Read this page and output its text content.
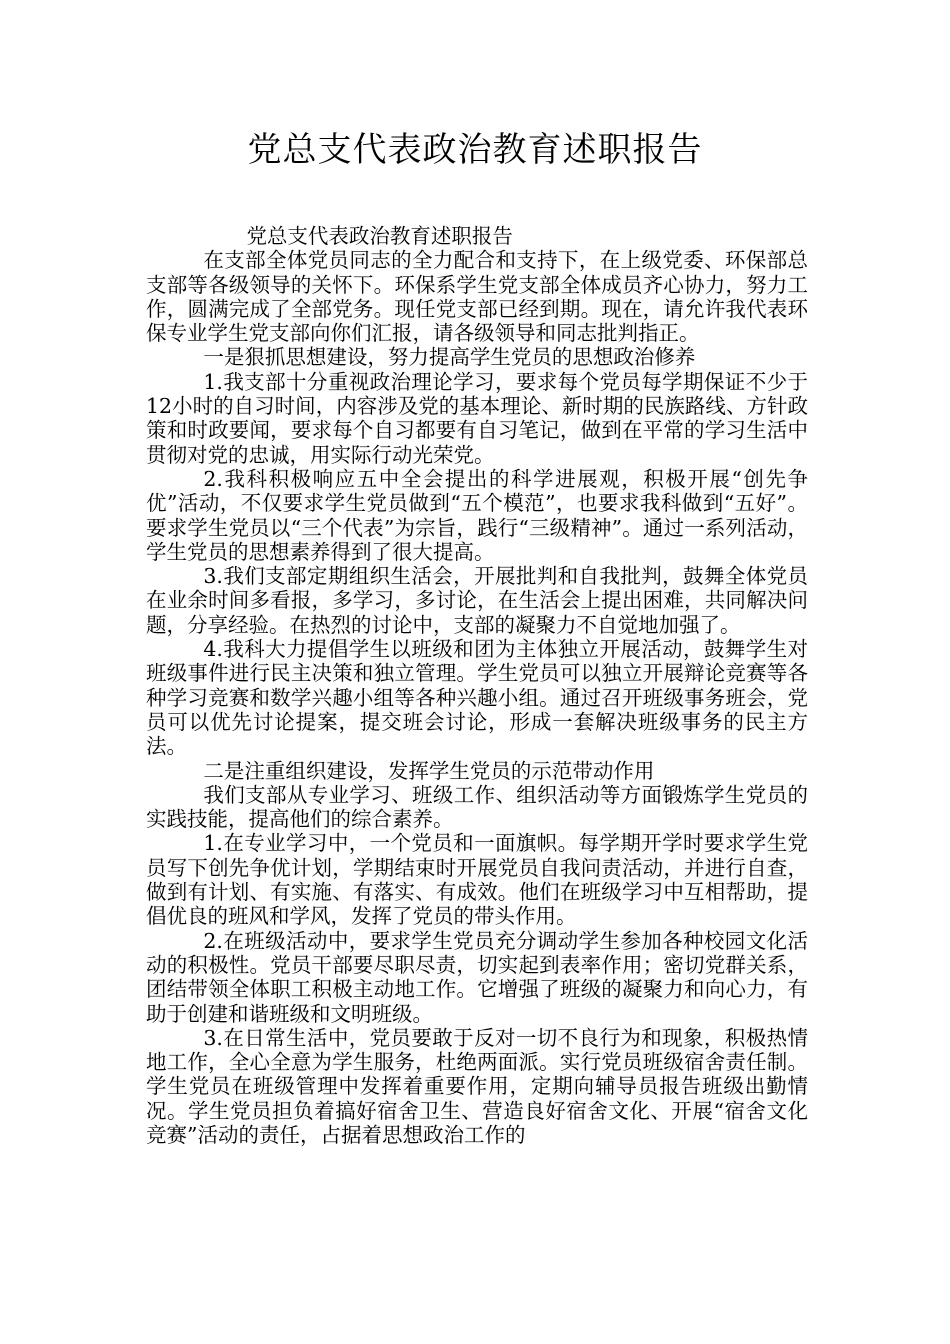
党总支代表政治教育述职报告

党总支代表政治教育述职报告

在支部全体党员同志的全力配合和支持下，在上级党委、环保部总支部等各级领导的关怀下。环保系学生党支部全体成员齐心协力，努力工作，圆满完成了全部党务。现任党支部已经到期。现在，请允许我代表环保专业学生党支部向你们汇报，请各级领导和同志批判指正。

一是狠抓思想建设，努力提高学生党员的思想政治修养

1.我支部十分重视政治理论学习，要求每个党员每学期保证不少于12小时的自习时间，内容涉及党的基本理论、新时期的民族路线、方针政策和时政要闻，要求每个自习都要有自习笔记，做到在平常的学习生活中贯彻对党的忠诚，用实际行动光荣党。

2.我科积极响应五中全会提出的科学进展观，积极开展“创先争优”活动，不仅要求学生党员做到“五个模范”，也要求我科做到“五好”。要求学生党员以“三个代表”为宗旨，践行“三级精神”。通过一系列活动，学生党员的思想素养得到了很大提高。

3.我们支部定期组织生活会，开展批判和自我批判，鼓舞全体党员在业余时间多看报，多学习，多讨论，在生活会上提出困难，共同解决问题，分享经验。在热烈的讨论中，支部的凝聚力不自觉地加强了。

4.我科大力提倡学生以班级和团为主体独立开展活动，鼓舞学生对班级事件进行民主决策和独立管理。学生党员可以独立开展辩论竞赛等各种学习竞赛和数学兴趣小组等各种兴趣小组。通过召开班级事务班会，党员可以优先讨论提案，提交班会讨论，形成一套解决班级事务的民主方法。

二是注重组织建设，发挥学生党员的示范带动作用

我们支部从专业学习、班级工作、组织活动等方面锻炼学生党员的实践技能，提高他们的综合素养。

1.在专业学习中，一个党员和一面旗帜。每学期开学时要求学生党员写下创先争优计划，学期结束时开展党员自我问责活动，并进行自查，做到有计划、有实施、有落实、有成效。他们在班级学习中互相帮助，提倡优良的班风和学风，发挥了党员的带头作用。

2.在班级活动中，要求学生党员充分调动学生参加各种校园文化活动的积极性。党员干部要尽职尽责，切实起到表率作用；密切党群关系，团结带领全体职工积极主动地工作。它增强了班级的凝聚力和向心力，有助于创建和谐班级和文明班级。

3.在日常生活中，党员要敢于反对一切不良行为和现象，积极热情地工作，全心全意为学生服务，杜绝两面派。实行党员班级宿舍责任制。学生党员在班级管理中发挥着重要作用，定期向辅导员报告班级出勤情况。学生党员担负着搞好宿舍卫生、营造良好宿舍文化、开展“宿舍文化竞赛”活动的责任，占据着思想政治工作的
